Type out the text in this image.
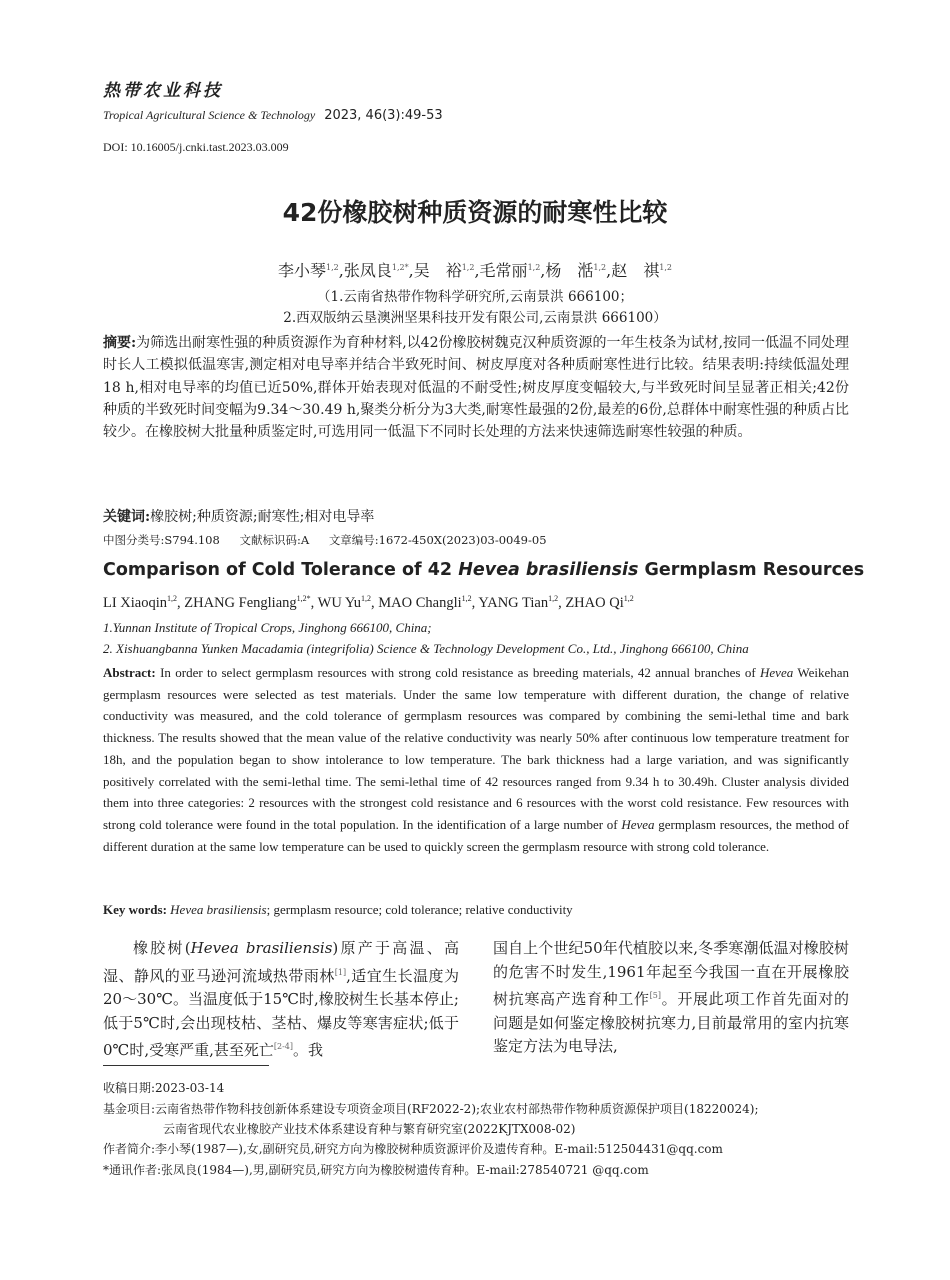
热带农业科技
Tropical Agricultural Science & Technology 2023, 46(3):49-53
DOI: 10.16005/j.cnki.tast.2023.03.009
42份橡胶树种质资源的耐寒性比较
李小琴$^{1,2}$,张凤良$^{1,2*}$,吴　裕$^{1,2}$,毛常丽$^{1,2}$,杨　湉$^{1,2}$,赵　祺$^{1,2}$
（1.云南省热带作物科学研究所,云南景洪 666100；
2.西双版纳云垦澳洲坚果科技开发有限公司,云南景洪 666100）
摘要:为筛选出耐寒性强的种质资源作为育种材料,以42份橡胶树魏克汉种质资源的一年生枝条为试材,按同一低温不同处理时长人工模拟低温寒害,测定相对电导率并结合半致死时间、树皮厚度对各种质耐寒性进行比较。结果表明:持续低温处理18 h,相对电导率的均值已近50%,群体开始表现对低温的不耐受性;树皮厚度变幅较大,与半致死时间呈显著正相关;42份种质的半致死时间变幅为9.34～30.49 h,聚类分析分为3大类,耐寒性最强的2份,最差的6份,总群体中耐寒性强的种质占比较少。在橡胶树大批量种质鉴定时,可选用同一低温下不同时长处理的方法来快速筛选耐寒性较强的种质。
关键词:橡胶树;种质资源;耐寒性;相对电导率
中图分类号:S794.108 文献标识码:A 文章编号:1672-450X(2023)03-0049-05
Comparison of Cold Tolerance of 42 Hevea brasiliensis Germplasm Resources
LI Xiaoqin$^{1,2}$, ZHANG Fengliang$^{1,2*}$, WU Yu$^{1,2}$, MAO Changli$^{1,2}$, YANG Tian$^{1,2}$, ZHAO Qi$^{1,2}$
1.Yunnan Institute of Tropical Crops, Jinghong 666100, China;
2. Xishuangbanna Yunken Macadamia (integrifolia) Science & Technology Development Co., Ltd., Jinghong 666100, China
Abstract: In order to select germplasm resources with strong cold resistance as breeding materials, 42 annual branches of Hevea Weikehan germplasm resources were selected as test materials. Under the same low temperature with different duration, the change of relative conductivity was measured, and the cold tolerance of germplasm resources was compared by combining the semi-lethal time and bark thickness. The results showed that the mean value of the relative conductivity was nearly 50% after continuous low temperature treatment for 18h, and the population began to show intolerance to low temperature. The bark thickness had a large variation, and was significantly positively correlated with the semi-lethal time. The semi-lethal time of 42 resources ranged from 9.34 h to 30.49h. Cluster analysis divided them into three categories: 2 resources with the strongest cold resistance and 6 resources with the worst cold resistance. Few resources with strong cold tolerance were found in the total population. In the identification of a large number of Hevea germplasm resources, the method of different duration at the same low temperature can be used to quickly screen the germplasm resource with strong cold tolerance.
Key words: Hevea brasiliensis; germplasm resource; cold tolerance; relative conductivity

橡胶树(Hevea brasiliensis)原产于高温、高湿、静风的亚马逊河流域热带雨林[1],适宜生长温度为20～30℃。当温度低于15℃时,橡胶树生长基本停止;低于5℃时,会出现枝枯、茎枯、爆皮等寒害症状;低于0℃时,受寒严重,甚至死亡[2-4]。我

国自上个世纪50年代植胶以来,冬季寒潮低温对橡胶树的危害不时发生,1961年起至今我国一直在开展橡胶树抗寒高产选育种工作[5]。开展此项工作首先面对的问题是如何鉴定橡胶树抗寒力,目前最常用的室内抗寒鉴定方法为电导法,

收稿日期:2023-03-14
基金项目:云南省热带作物科技创新体系建设专项资金项目(RF2022-2);农业农村部热带作物种质资源保护项目(18220024);
云南省现代农业橡胶产业技术体系建设育种与繁育研究室(2022KJTX008-02)
作者简介:李小琴(1987—),女,副研究员,研究方向为橡胶树种质资源评价及遗传育种。E-mail:512504431@qq.com
*通讯作者:张凤良(1984—),男,副研究员,研究方向为橡胶树遗传育种。E-mail:278540721 @qq.com
